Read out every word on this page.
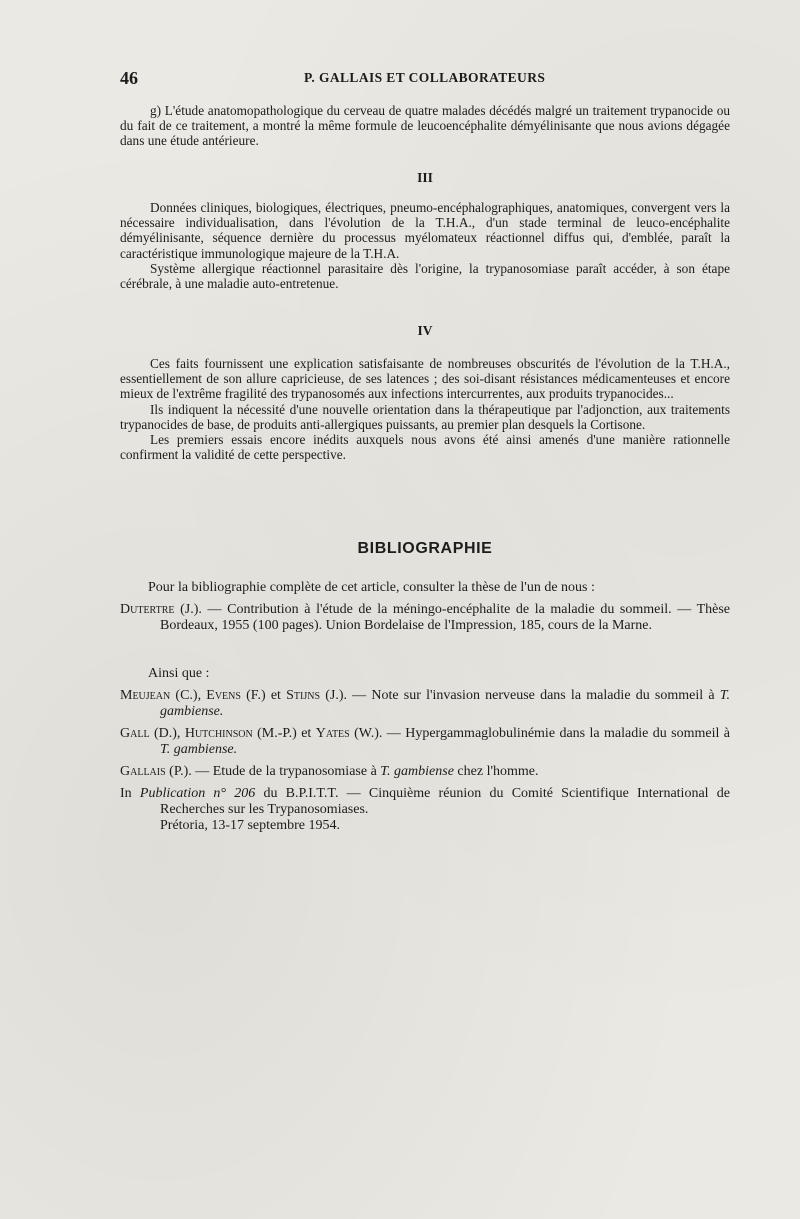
46	P. GALLAIS ET COLLABORATEURS

g) L'étude anatomopathologique du cerveau de quatre malades décédés malgré un traitement trypanocide ou du fait de ce traitement, a montré la même formule de leucoencéphalite démyélinisante que nous avions dégagée dans une étude antérieure.

III

Données cliniques, biologiques, électriques, pneumo-encéphalographiques, anatomiques, convergent vers la nécessaire individualisation, dans l'évolution de la T.H.A., d'un stade terminal de leuco-encéphalite démyélinisante, séquence dernière du processus myélomateux réactionnel diffus qui, d'emblée, paraît la caractéristique immunologique majeure de la T.H.A.

Système allergique réactionnel parasitaire dès l'origine, la trypanosomiase paraît accéder, à son étape cérébrale, à une maladie auto-entretenue.

IV

Ces faits fournissent une explication satisfaisante de nombreuses obscurités de l'évolution de la T.H.A., essentiellement de son allure capricieuse, de ses latences ; des soi-disant résistances médicamenteuses et encore mieux de l'extrême fragilité des trypanosomés aux infections intercurrentes, aux produits trypanocides...

Ils indiquent la nécessité d'une nouvelle orientation dans la thérapeutique par l'adjonction, aux traitements trypanocides de base, de produits anti-allergiques puissants, au premier plan desquels la Cortisone.

Les premiers essais encore inédits auxquels nous avons été ainsi amenés d'une manière rationnelle confirment la validité de cette perspective.

BIBLIOGRAPHIE

Pour la bibliographie complète de cet article, consulter la thèse de l'un de nous :

Dutertre (J.). — Contribution à l'étude de la méningo-encéphalite de la maladie du sommeil. — Thèse Bordeaux, 1955 (100 pages). Union Bordelaise de l'Impression, 185, cours de la Marne.

Ainsi que :

Meujean (C.), Evens (F.) et Stijns (J.). — Note sur l'invasion nerveuse dans la maladie du sommeil à T. gambiense.

Gall (D.), Hutchinson (M.-P.) et Yates (W.). — Hypergammaglobulinémie dans la maladie du sommeil à T. gambiense.

Gallais (P.). — Etude de la trypanosomiase à T. gambiense chez l'homme.

In Publication n° 206 du B.P.I.T.T. — Cinquième réunion du Comité Scientifique International de Recherches sur les Trypanosomiases.
Prétoria, 13-17 septembre 1954.
